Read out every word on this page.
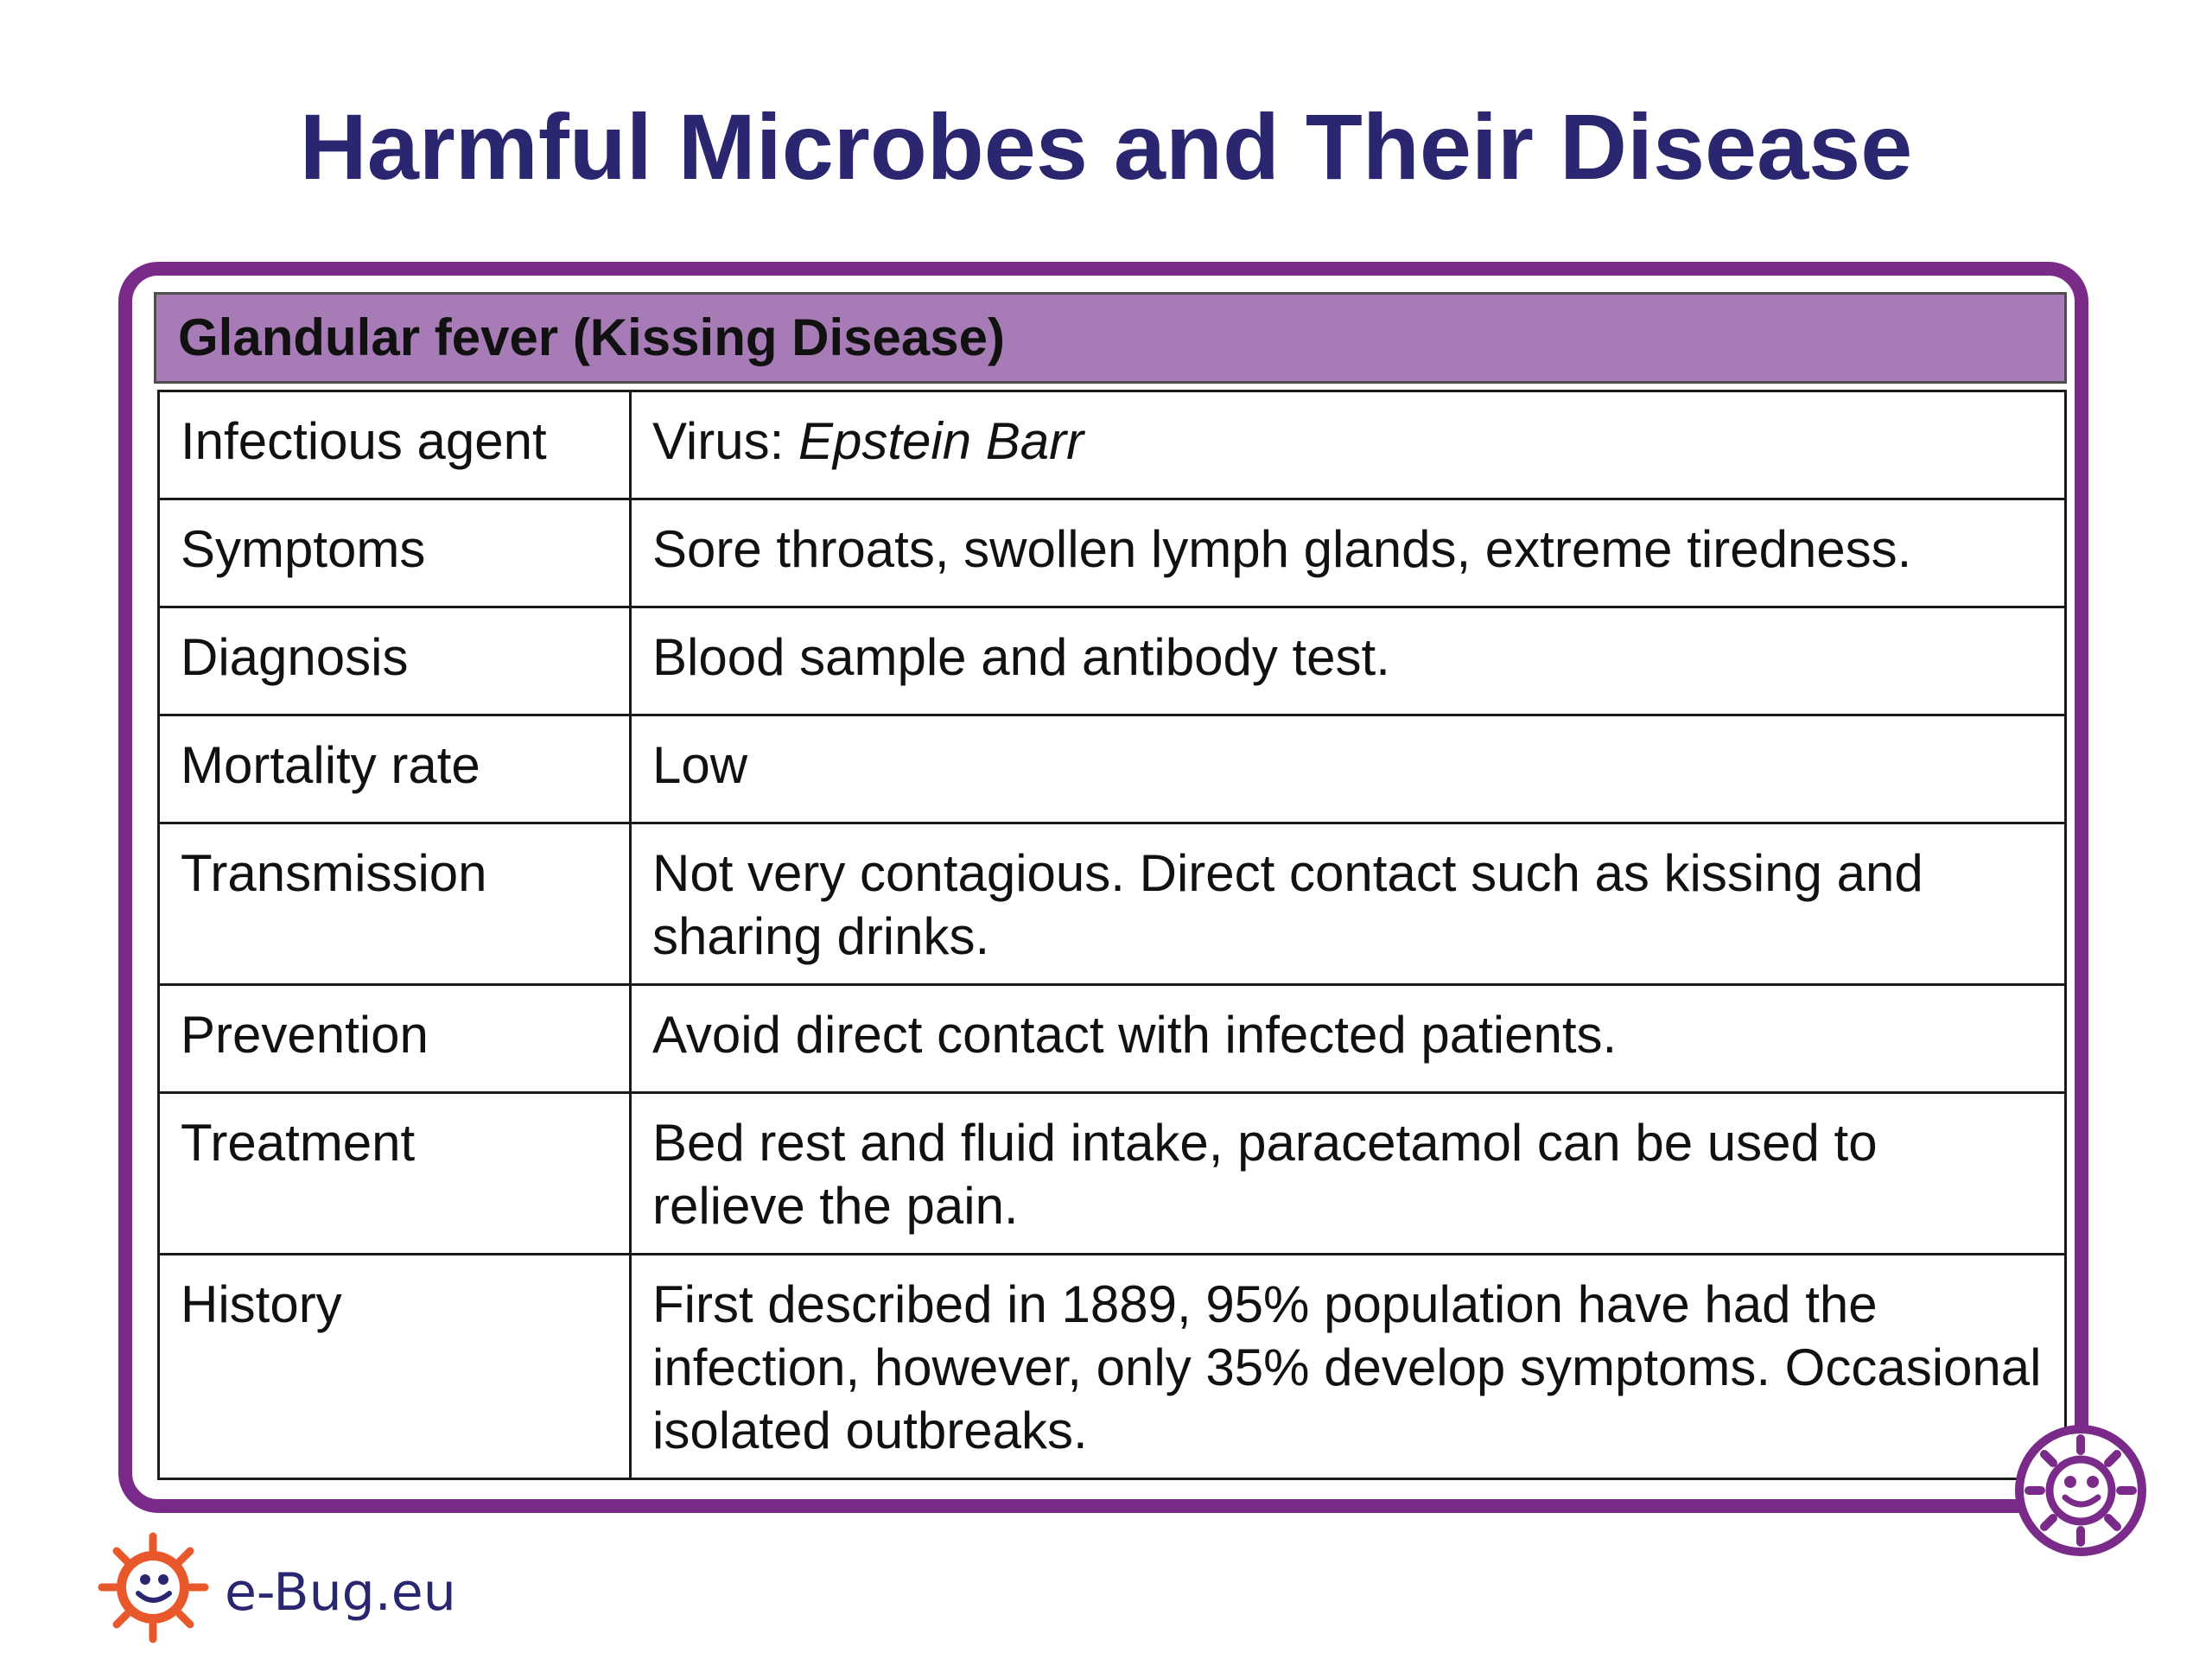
Harmful Microbes and Their Disease
Glandular fever (Kissing Disease)
Infectious agent	Virus: Epstein Barr
Symptoms	Sore throats, swollen lymph glands, extreme tiredness.
Diagnosis	Blood sample and antibody test.
Mortality rate	Low
Transmission	Not very contagious. Direct contact such as kissing and sharing drinks.
Prevention	Avoid direct contact with infected patients.
Treatment	Bed rest and fluid intake, paracetamol can be used to relieve the pain.
History	First described in 1889, 95% population have had the infection, however, only 35% develop symptoms. Occasional isolated outbreaks.
e-Bug.eu
